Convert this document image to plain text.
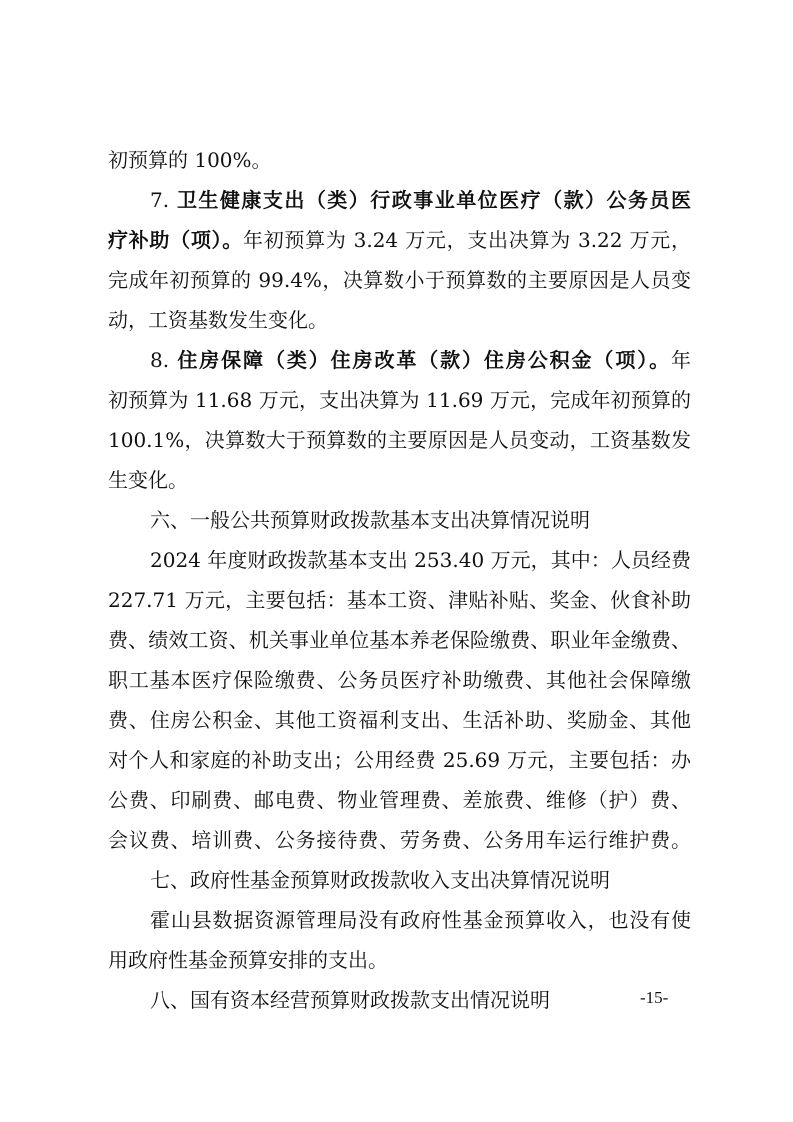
初预算的 100%。
7. 卫生健康支出（类）行政事业单位医疗（款）公务员医
疗补助（项）。年初预算为 3.24 万元，支出决算为 3.22 万元，
完成年初预算的 99.4%，决算数小于预算数的主要原因是人员变
动，工资基数发生变化。
8. 住房保障（类）住房改革（款）住房公积金（项）。年
初预算为 11.68 万元，支出决算为 11.69 万元，完成年初预算的
100.1%，决算数大于预算数的主要原因是人员变动，工资基数发
生变化。
六、一般公共预算财政拨款基本支出决算情况说明
2024 年度财政拨款基本支出 253.40 万元，其中：人员经费
227.71 万元，主要包括：基本工资、津贴补贴、奖金、伙食补助
费、绩效工资、机关事业单位基本养老保险缴费、职业年金缴费、
职工基本医疗保险缴费、公务员医疗补助缴费、其他社会保障缴
费、住房公积金、其他工资福利支出、生活补助、奖励金、其他
对个人和家庭的补助支出；公用经费 25.69 万元，主要包括：办
公费、印刷费、邮电费、物业管理费、差旅费、维修（护）费、
会议费、培训费、公务接待费、劳务费、公务用车运行维护费。
七、政府性基金预算财政拨款收入支出决算情况说明
霍山县数据资源管理局没有政府性基金预算收入，也没有使
用政府性基金预算安排的支出。
八、国有资本经营预算财政拨款支出情况说明	-15-
